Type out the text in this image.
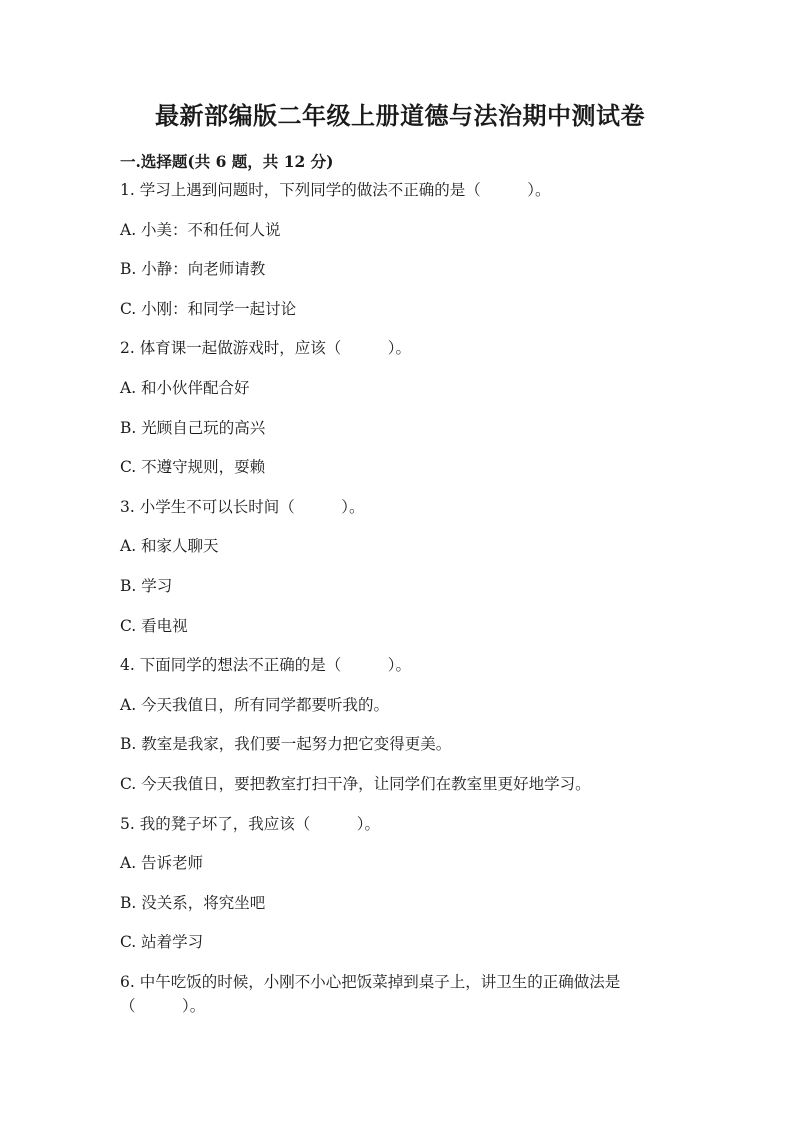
最新部编版二年级上册道德与法治期中测试卷
一.选择题(共 6 题，共 12 分)

1. 学习上遇到问题时，下列同学的做法不正确的是（　　　）。

A. 小美：不和任何人说

B. 小静：向老师请教

C. 小刚：和同学一起讨论

2. 体育课一起做游戏时，应该（　　　）。

A. 和小伙伴配合好

B. 光顾自己玩的高兴

C. 不遵守规则，耍赖

3. 小学生不可以长时间（　　　）。

A. 和家人聊天

B. 学习

C. 看电视

4. 下面同学的想法不正确的是（　　　）。

A. 今天我值日，所有同学都要听我的。

B. 教室是我家，我们要一起努力把它变得更美。

C. 今天我值日，要把教室打扫干净，让同学们在教室里更好地学习。

5. 我的凳子坏了，我应该（　　　）。

A. 告诉老师

B. 没关系，将究坐吧

C. 站着学习

6. 中午吃饭的时候，小刚不小心把饭菜掉到桌子上，讲卫生的正确做法是
（　　　）。
